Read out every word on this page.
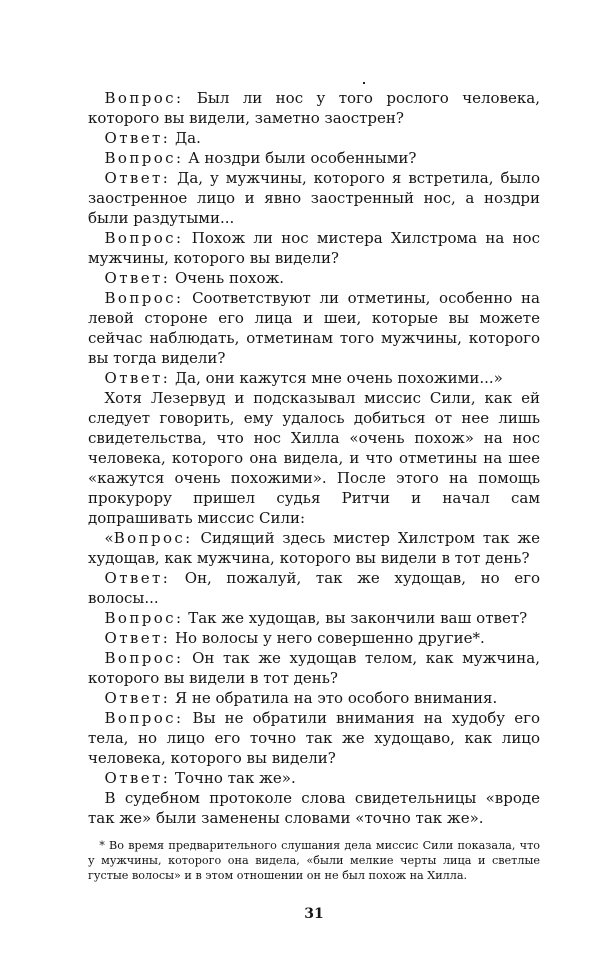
Вопрос: Был ли нос у того рослого человека, которого вы видели, заметно заострен?

Ответ: Да.

Вопрос: А ноздри были особенными?

Ответ: Да, у мужчины, которого я встретила, было заостренное лицо и явно заостренный нос, а ноздри были раздутыми...

Вопрос: Похож ли нос мистера Хилстрома на нос мужчины, которого вы видели?

Ответ: Очень похож.

Вопрос: Соответствуют ли отметины, особенно на левой стороне его лица и шеи, которые вы можете сейчас наблюдать, отметинам того мужчины, которого вы тогда видели?

Ответ: Да, они кажутся мне очень похожими...»

Хотя Лезервуд и подсказывал миссис Сили, как ей следует говорить, ему удалось добиться от нее лишь свидетельства, что нос Хилла «очень похож» на нос человека, которого она видела, и что отметины на шее «кажутся очень похожими». После этого на помощь прокурору пришел судья Ритчи и начал сам допрашивать миссис Сили:

«Вопрос: Сидящий здесь мистер Хилстром так же худощав, как мужчина, которого вы видели в тот день?

Ответ: Он, пожалуй, так же худощав, но его волосы...

Вопрос: Так же худощав, вы закончили ваш ответ?

Ответ: Но волосы у него совершенно другие*.

Вопрос: Он так же худощав телом, как мужчина, которого вы видели в тот день?

Ответ: Я не обратила на это особого внимания.

Вопрос: Вы не обратили внимания на худобу его тела, но лицо его точно так же худощаво, как лицо человека, которого вы видели?

Ответ: Точно так же».

В судебном протоколе слова свидетельницы «вроде так же» были заменены словами «точно так же».

* Во время предварительного слушания дела миссис Сили показала, что у мужчины, которого она видела, «были мелкие черты лица и светлые густые волосы» и в этом отношении он не был похож на Хилла.

31
